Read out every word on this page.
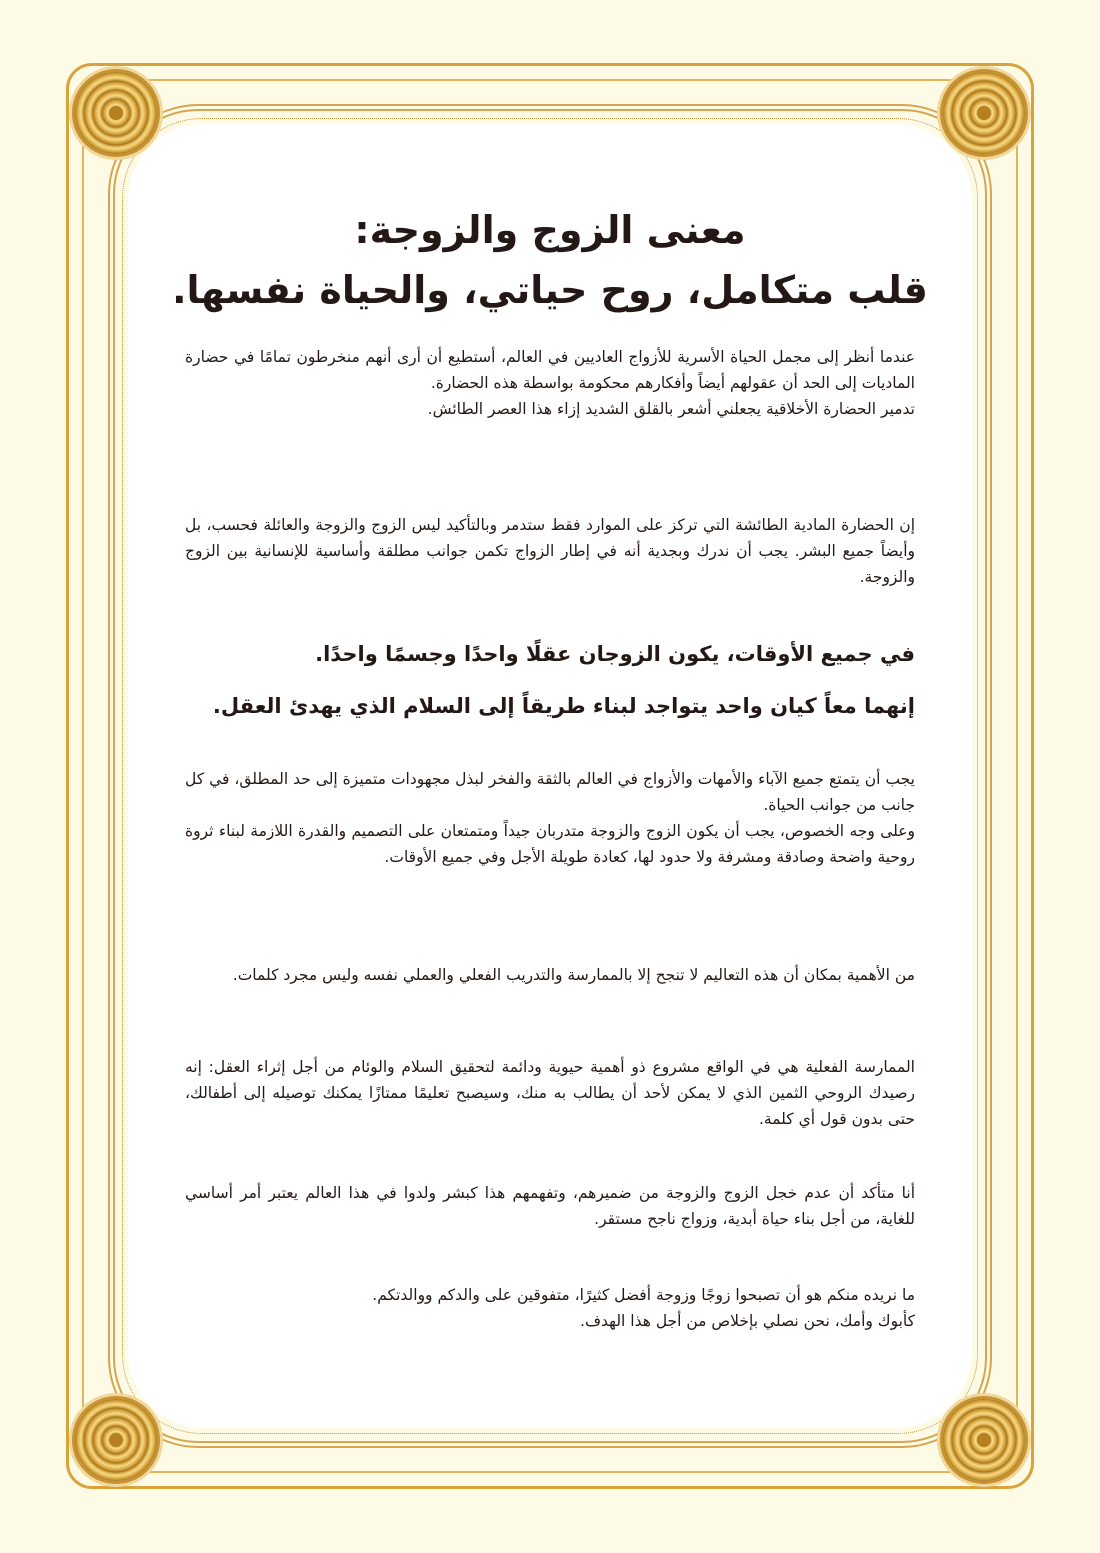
معنى الزوج والزوجة:
قلب متكامل، روح حياتي، والحياة نفسها.

عندما أنظر إلى مجمل الحياة الأسرية للأزواج العاديين في العالم، أستطيع أن أرى أنهم منخرطون تمامًا في حضارة الماديات إلى الحد أن عقولهم أيضاً وأفكارهم محكومة بواسطة هذه الحضارة.

تدمير الحضارة الأخلاقية يجعلني أشعر بالقلق الشديد إزاء هذا العصر الطائش.

إن الحضارة المادية الطائشة التي تركز على الموارد فقط ستدمر وبالتأكيد ليس الزوج والزوجة والعائلة فحسب، بل وأيضاً جميع البشر. يجب أن ندرك وبجدية أنه في إطار الزواج تكمن جوانب مطلقة وأساسية للإنسانية بين الزوج والزوجة.

في جميع الأوقات، يكون الزوجان عقلًا واحدًا وجسمًا واحدًا.

إنهما معاً كيان واحد يتواجد لبناء طريقاً إلى السلام الذي يهدئ العقل.

يجب أن يتمتع جميع الآباء والأمهات والأزواج في العالم بالثقة والفخر لبذل مجهودات متميزة إلى حد المطلق، في كل جانب من جوانب الحياة.

وعلى وجه الخصوص، يجب أن يكون الزوج والزوجة متدربان جيداً ومتمتعان على التصميم والقدرة اللازمة لبناء ثروة روحية واضحة وصادقة ومشرفة ولا حدود لها، كعادة طويلة الأجل وفي جميع الأوقات.

من الأهمية بمكان أن هذه التعاليم لا تنجح إلا بالممارسة والتدريب الفعلي والعملي نفسه وليس مجرد كلمات.

الممارسة الفعلية هي في الواقع مشروع ذو أهمية حيوية ودائمة لتحقيق السلام والوئام من أجل إثراء العقل: إنه رصيدك الروحي الثمين الذي لا يمكن لأحد أن يطالب به منك، وسيصبح تعليمًا ممتازًا يمكنك توصيله إلى أطفالك، حتى بدون قول أي كلمة.

أنا متأكد أن عدم خجل الزوج والزوجة من ضميرهم، وتفهمهم هذا كبشر ولدوا في هذا العالم يعتبر أمر أساسي للغاية، من أجل بناء حياة أبدية، وزواج ناجح مستقر.

ما نريده منكم هو أن تصبحوا زوجًا وزوجة أفضل كثيرًا، متفوقين على والدكم ووالدتكم.

كأبوك وأمك، نحن نصلي بإخلاص من أجل هذا الهدف.
